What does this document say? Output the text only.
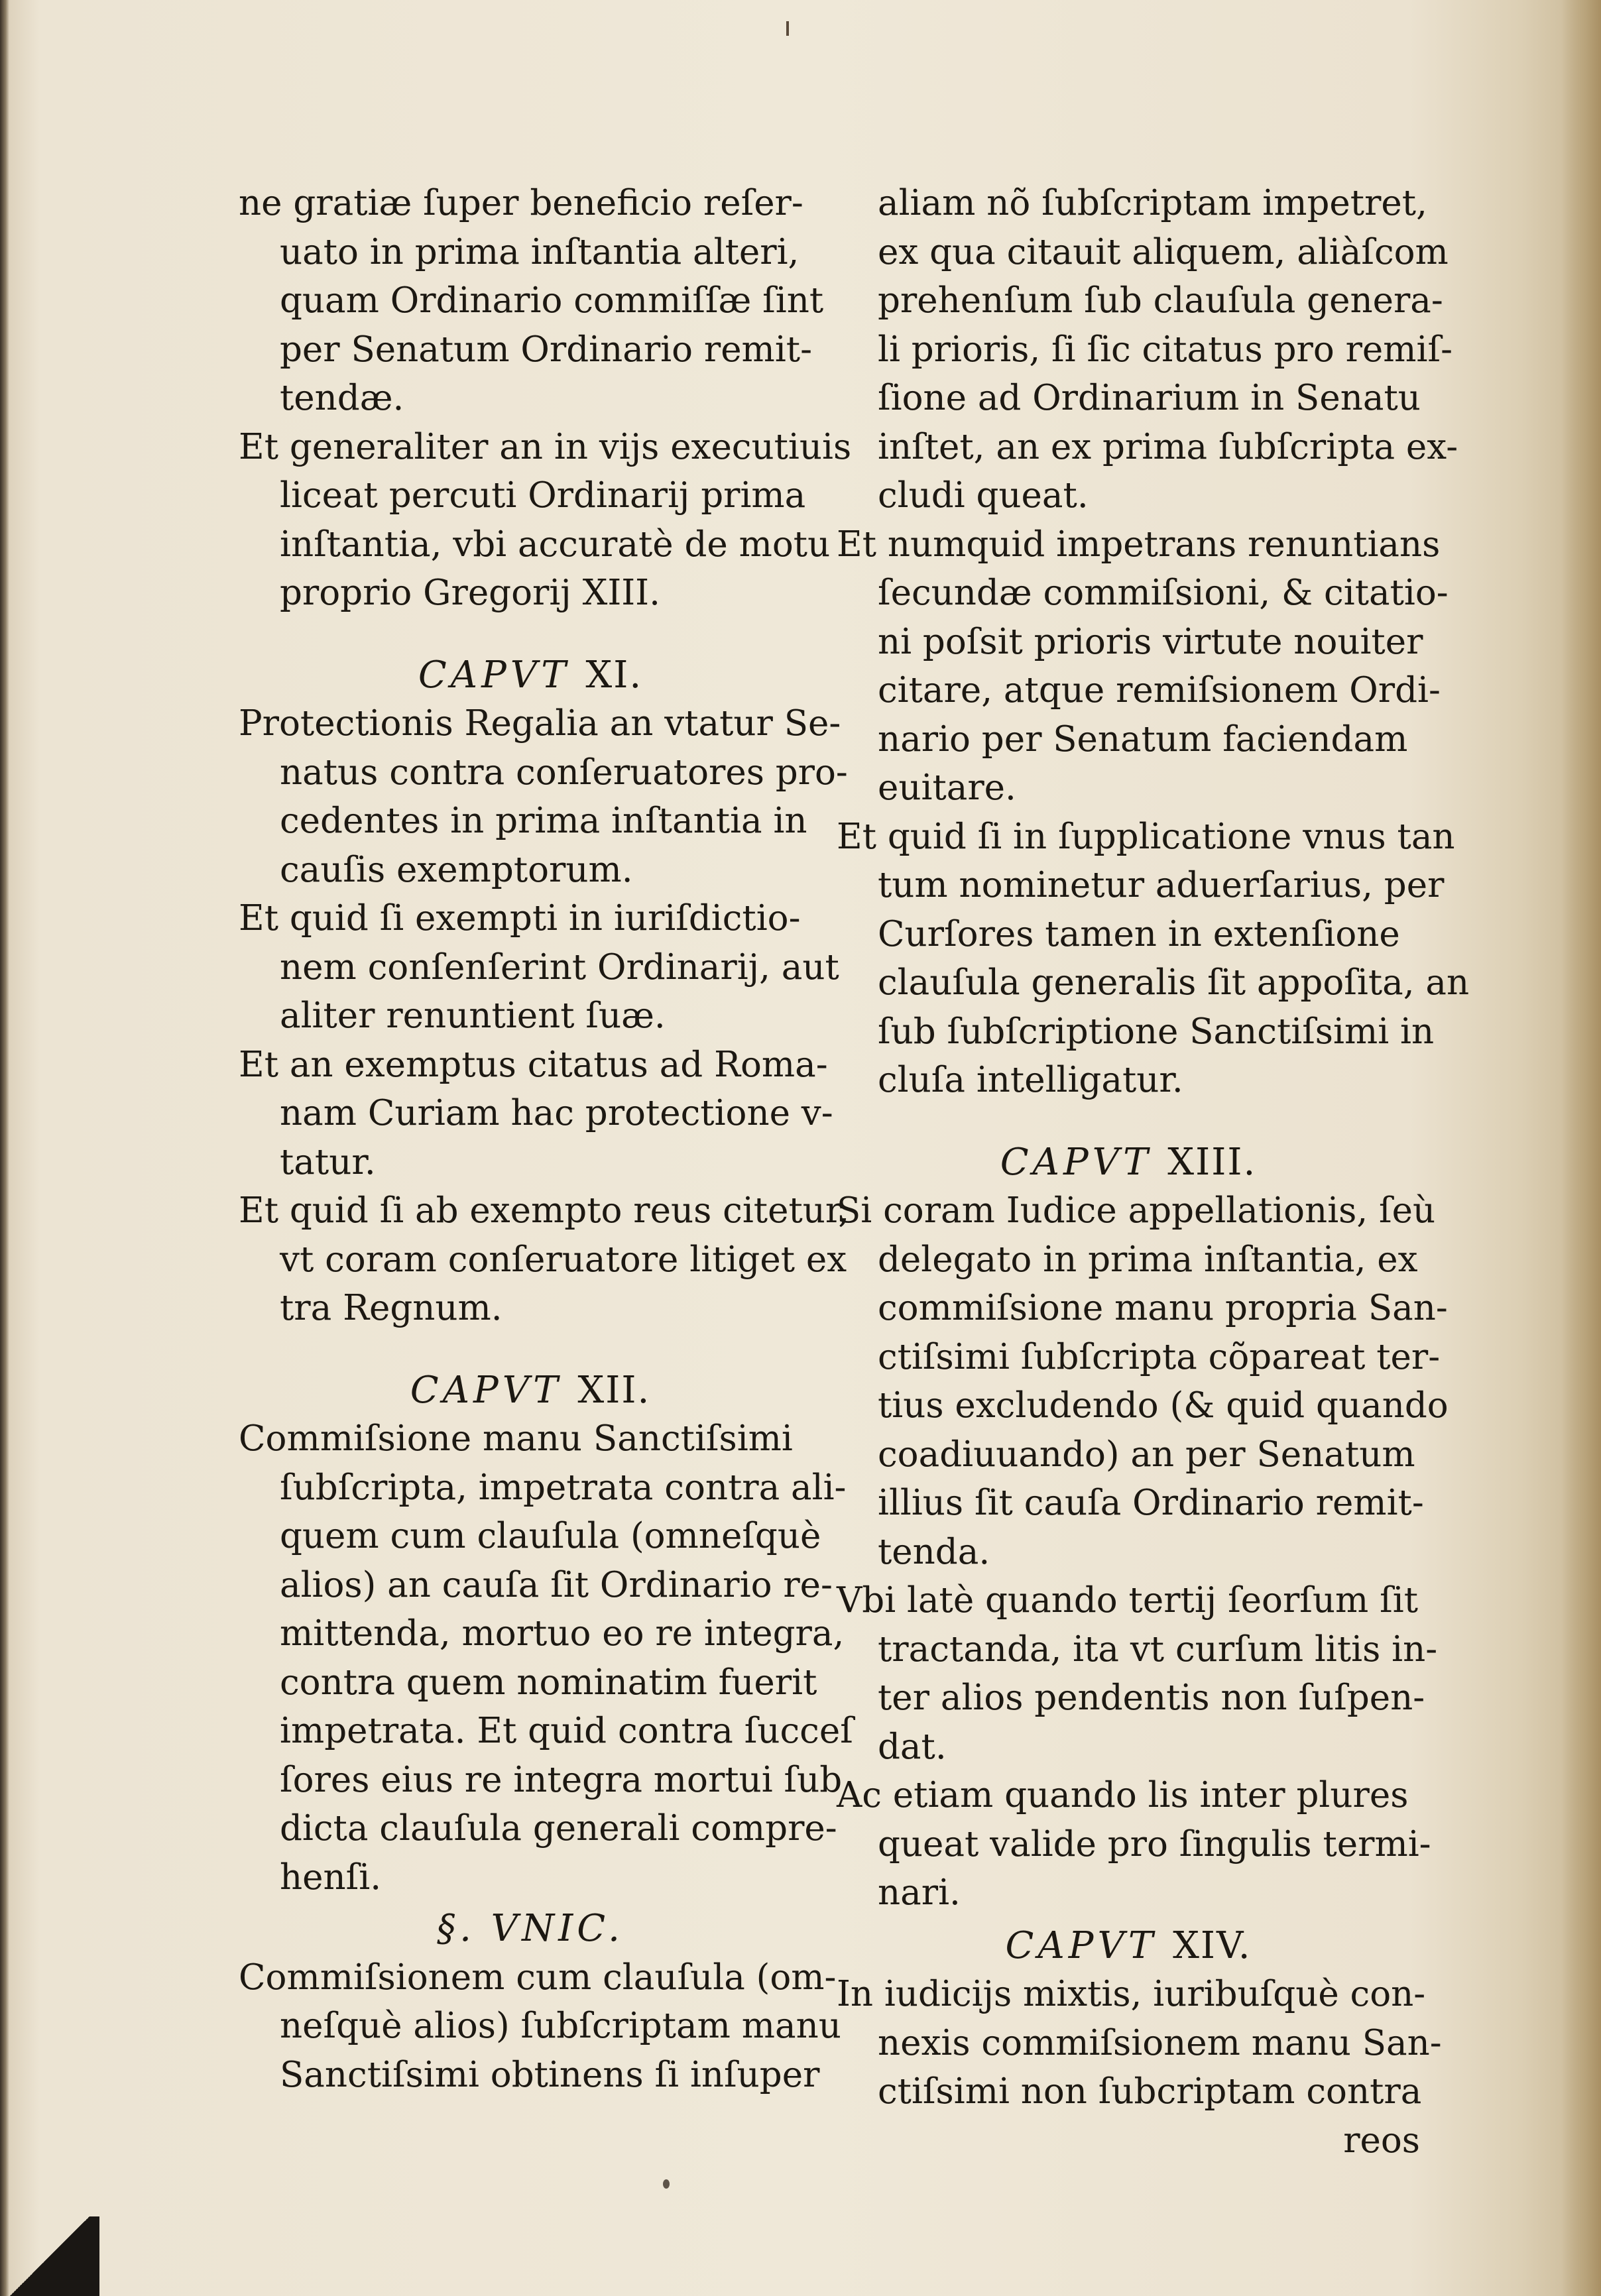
ne gratiæ ſuper beneficio reſer-
uato in prima inſtantia alteri,
quam Ordinario commiſſæ ſint
per Senatum Ordinario remit-
tendæ.
Et generaliter an in vijs executiuis
liceat percuti Ordinarij prima
inſtantia, vbi accuratè de motu
proprio Gregorij XIII.
CAPVT XI.
Protectionis Regalia an vtatur Se-
natus contra conſeruatores pro-
cedentes in prima inſtantia in
cauſis exemptorum.
Et quid ſi exempti in iuriſdictio-
nem conſenſerint Ordinarij, aut
aliter renuntient ſuæ.
Et an exemptus citatus ad Roma-
nam Curiam hac protectione v-
tatur.
Et quid ſi ab exempto reus citetur,
vt coram conſeruatore litiget ex
tra Regnum.
CAPVT XII.
Commiſsione manu Sanctiſsimi
ſubſcripta, impetrata contra ali-
quem cum clauſula (omneſquè
alios) an cauſa ſit Ordinario re-
mittenda, mortuo eo re integra,
contra quem nominatim fuerit
impetrata. Et quid contra ſucceſ
ſores eius re integra mortui ſub
dicta clauſula generali compre-
henſi.
§. VNIC.
Commiſsionem cum clauſula (om-
neſquè alios) ſubſcriptam manu
Sanctiſsimi obtinens ſi inſuper
aliam nõ ſubſcriptam impetret,
ex qua citauit aliquem, aliàſcom
prehenſum ſub clauſula genera-
li prioris, ſi ſic citatus pro remiſ-
ſione ad Ordinarium in Senatu
inſtet, an ex prima ſubſcripta ex-
cludi queat.
Et numquid impetrans renuntians
ſecundæ commiſsioni, & citatio-
ni poſsit prioris virtute nouiter
citare, atque remiſsionem Ordi-
nario per Senatum faciendam
euitare.
Et quid ſi in ſupplicatione vnus tan
tum nominetur aduerſarius, per
Curſores tamen in extenſione
clauſula generalis ſit appoſita, an
ſub ſubſcriptione Sanctiſsimi in
cluſa intelligatur.
CAPVT XIII.
Si coram Iudice appellationis, ſeù
delegato in prima inſtantia, ex
commiſsione manu propria San-
ctiſsimi ſubſcripta cõpareat ter-
tius excludendo (& quid quando
coadiuuando) an per Senatum
illius ſit cauſa Ordinario remit-
tenda.
Vbi latè quando tertij ſeorſum ſit
tractanda, ita vt curſum litis in-
ter alios pendentis non ſuſpen-
dat.
Ac etiam quando lis inter plures
queat valide pro ſingulis termi-
nari.
CAPVT XIV.
In iudicijs mixtis, iuribuſquè con-
nexis commiſsionem manu San-
ctiſsimi non ſubcriptam contra
reos
